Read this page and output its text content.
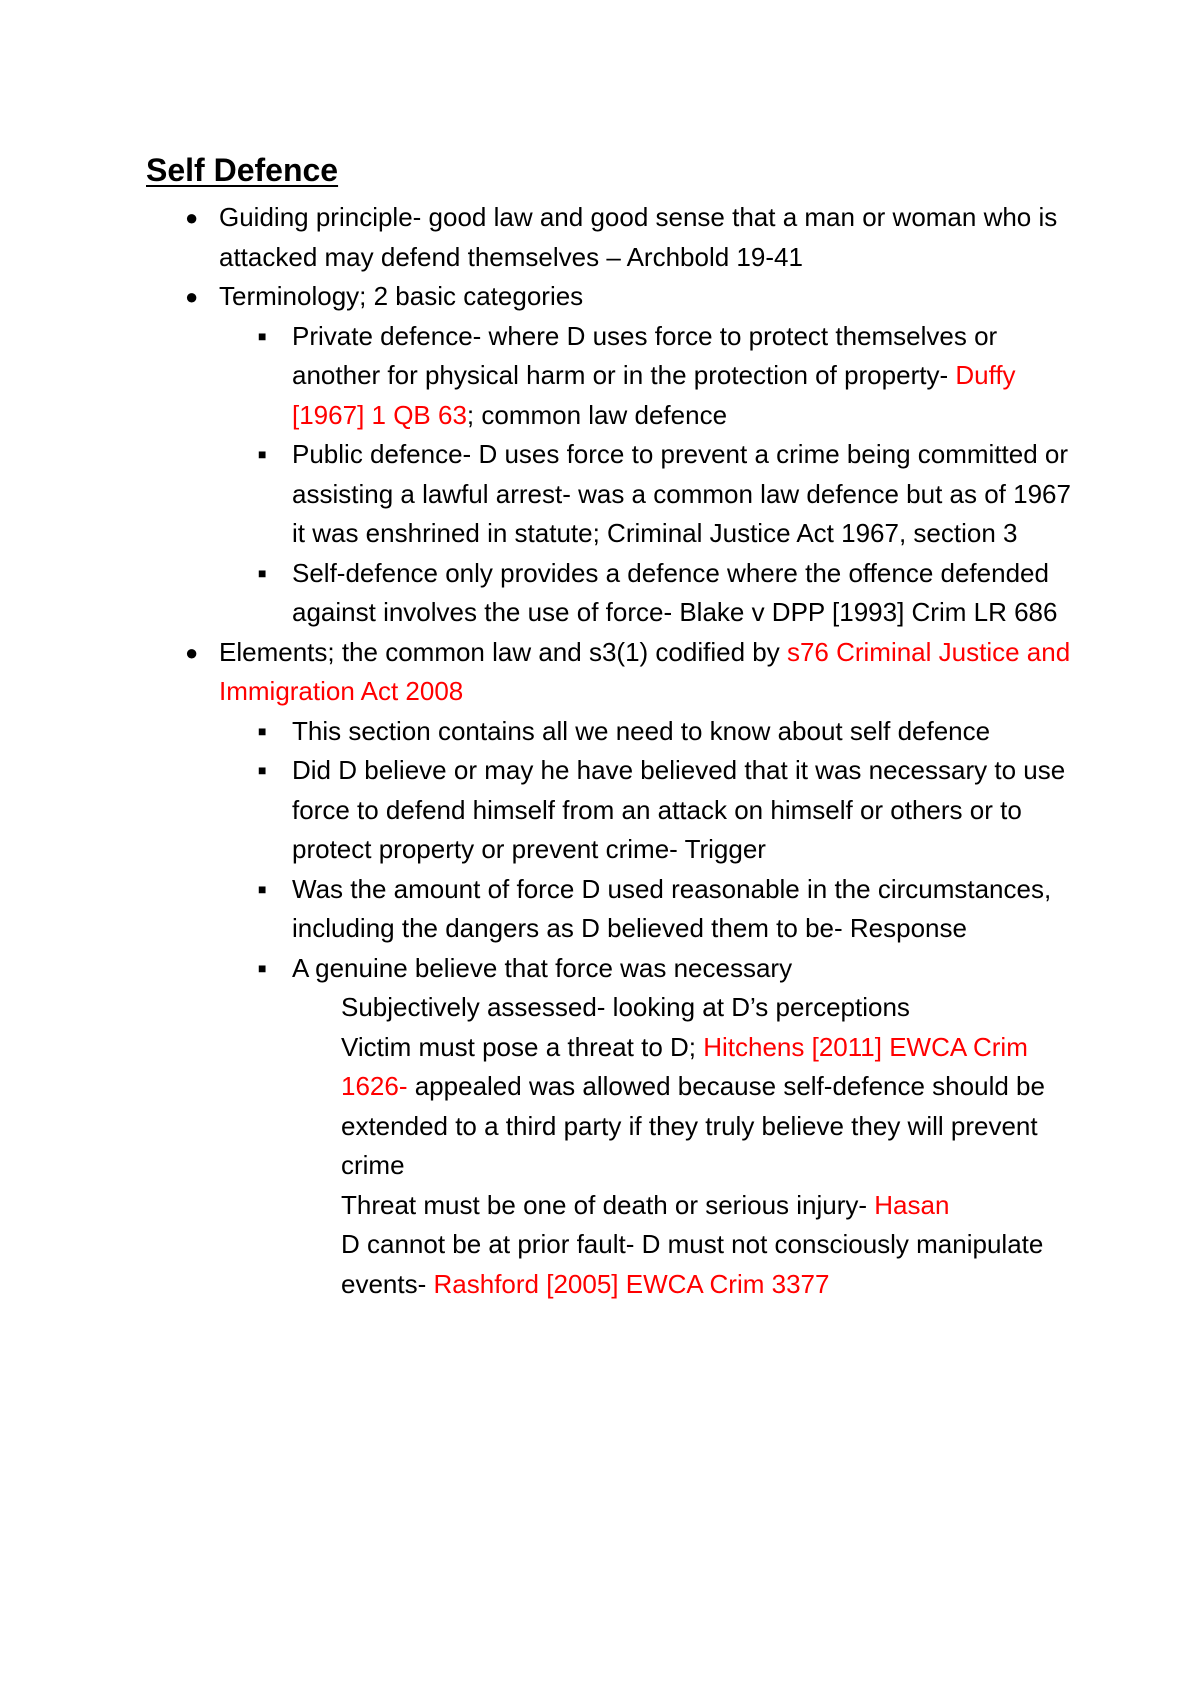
Self Defence
● Guiding principle- good law and good sense that a man or woman who is attacked may defend themselves – Archbold 19-41
● Terminology; 2 basic categories
■ Private defence- where D uses force to protect themselves or another for physical harm or in the protection of property- Duffy [1967] 1 QB 63; common law defence
■ Public defence- D uses force to prevent a crime being committed or assisting a lawful arrest- was a common law defence but as of 1967 it was enshrined in statute; Criminal Justice Act 1967, section 3
■ Self-defence only provides a defence where the offence defended against involves the use of force- Blake v DPP [1993] Crim LR 686
● Elements; the common law and s3(1) codified by s76 Criminal Justice and Immigration Act 2008
■ This section contains all we need to know about self defence
■ Did D believe or may he have believed that it was necessary to use force to defend himself from an attack on himself or others or to protect property or prevent crime- Trigger
■ Was the amount of force D used reasonable in the circumstances, including the dangers as D believed them to be- Response
■ A genuine believe that force was necessary
Subjectively assessed- looking at D’s perceptions
Victim must pose a threat to D; Hitchens [2011] EWCA Crim 1626- appealed was allowed because self-defence should be extended to a third party if they truly believe they will prevent crime
Threat must be one of death or serious injury- Hasan
D cannot be at prior fault- D must not consciously manipulate events- Rashford [2005] EWCA Crim 3377
